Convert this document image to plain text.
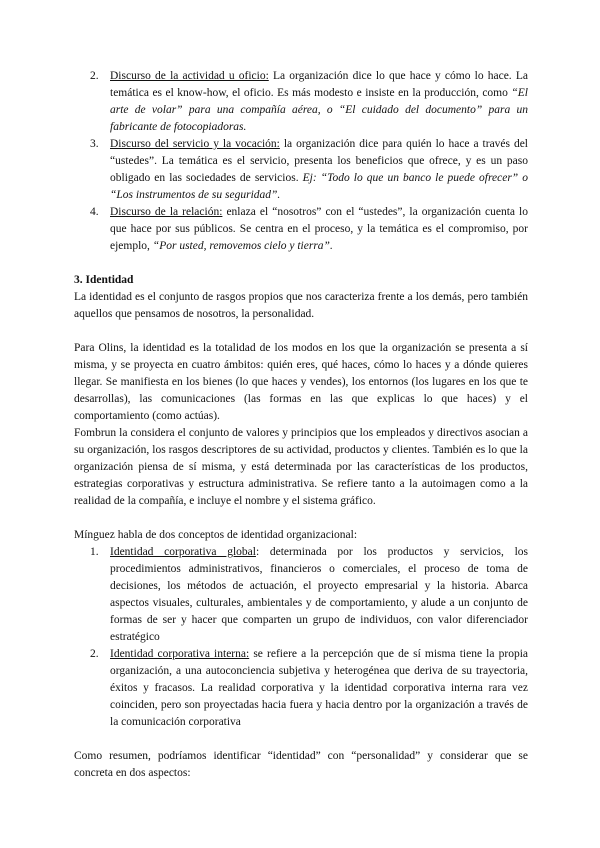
2. Discurso de la actividad u oficio: La organización dice lo que hace y cómo lo hace. La temática es el know-how, el oficio. Es más modesto e insiste en la producción, como “El arte de volar” para una compañía aérea, o “El cuidado del documento” para un fabricante de fotocopiadoras.
3. Discurso del servicio y la vocación: la organización dice para quién lo hace a través del “ustedes”. La temática es el servicio, presenta los beneficios que ofrece, y es un paso obligado en las sociedades de servicios. Ej: “Todo lo que un banco le puede ofrecer” o “Los instrumentos de su seguridad”.
4. Discurso de la relación: enlaza el “nosotros” con el “ustedes”, la organización cuenta lo que hace por sus públicos. Se centra en el proceso, y la temática es el compromiso, por ejemplo, “Por usted, removemos cielo y tierra”.
3. Identidad

La identidad es el conjunto de rasgos propios que nos caracteriza frente a los demás, pero también aquellos que pensamos de nosotros, la personalidad.

Para Olins, la identidad es la totalidad de los modos en los que la organización se presenta a sí misma, y se proyecta en cuatro ámbitos: quién eres, qué haces, cómo lo haces y a dónde quieres llegar. Se manifiesta en los bienes (lo que haces y vendes), los entornos (los lugares en los que te desarrollas), las comunicaciones (las formas en las que explicas lo que haces) y el comportamiento (como actúas).

Fombrun la considera el conjunto de valores y principios que los empleados y directivos asocian a su organización, los rasgos descriptores de su actividad, productos y clientes. También es lo que la organización piensa de sí misma, y está determinada por las características de los productos, estrategias corporativas y estructura administrativa. Se refiere tanto a la autoimagen como a la realidad de la compañía, e incluye el nombre y el sistema gráfico.

Mínguez habla de dos conceptos de identidad organizacional:

1. Identidad corporativa global: determinada por los productos y servicios, los procedimientos administrativos, financieros o comerciales, el proceso de toma de decisiones, los métodos de actuación, el proyecto empresarial y la historia. Abarca aspectos visuales, culturales, ambientales y de comportamiento, y alude a un conjunto de formas de ser y hacer que comparten un grupo de individuos, con valor diferenciador estratégico
2. Identidad corporativa interna: se refiere a la percepción que de sí misma tiene la propia organización, a una autoconciencia subjetiva y heterogénea que deriva de su trayectoria, éxitos y fracasos. La realidad corporativa y la identidad corporativa interna rara vez coinciden, pero son proyectadas hacia fuera y hacia dentro por la organización a través de la comunicación corporativa

Como resumen, podríamos identificar “identidad” con “personalidad” y considerar que se concreta en dos aspectos:
